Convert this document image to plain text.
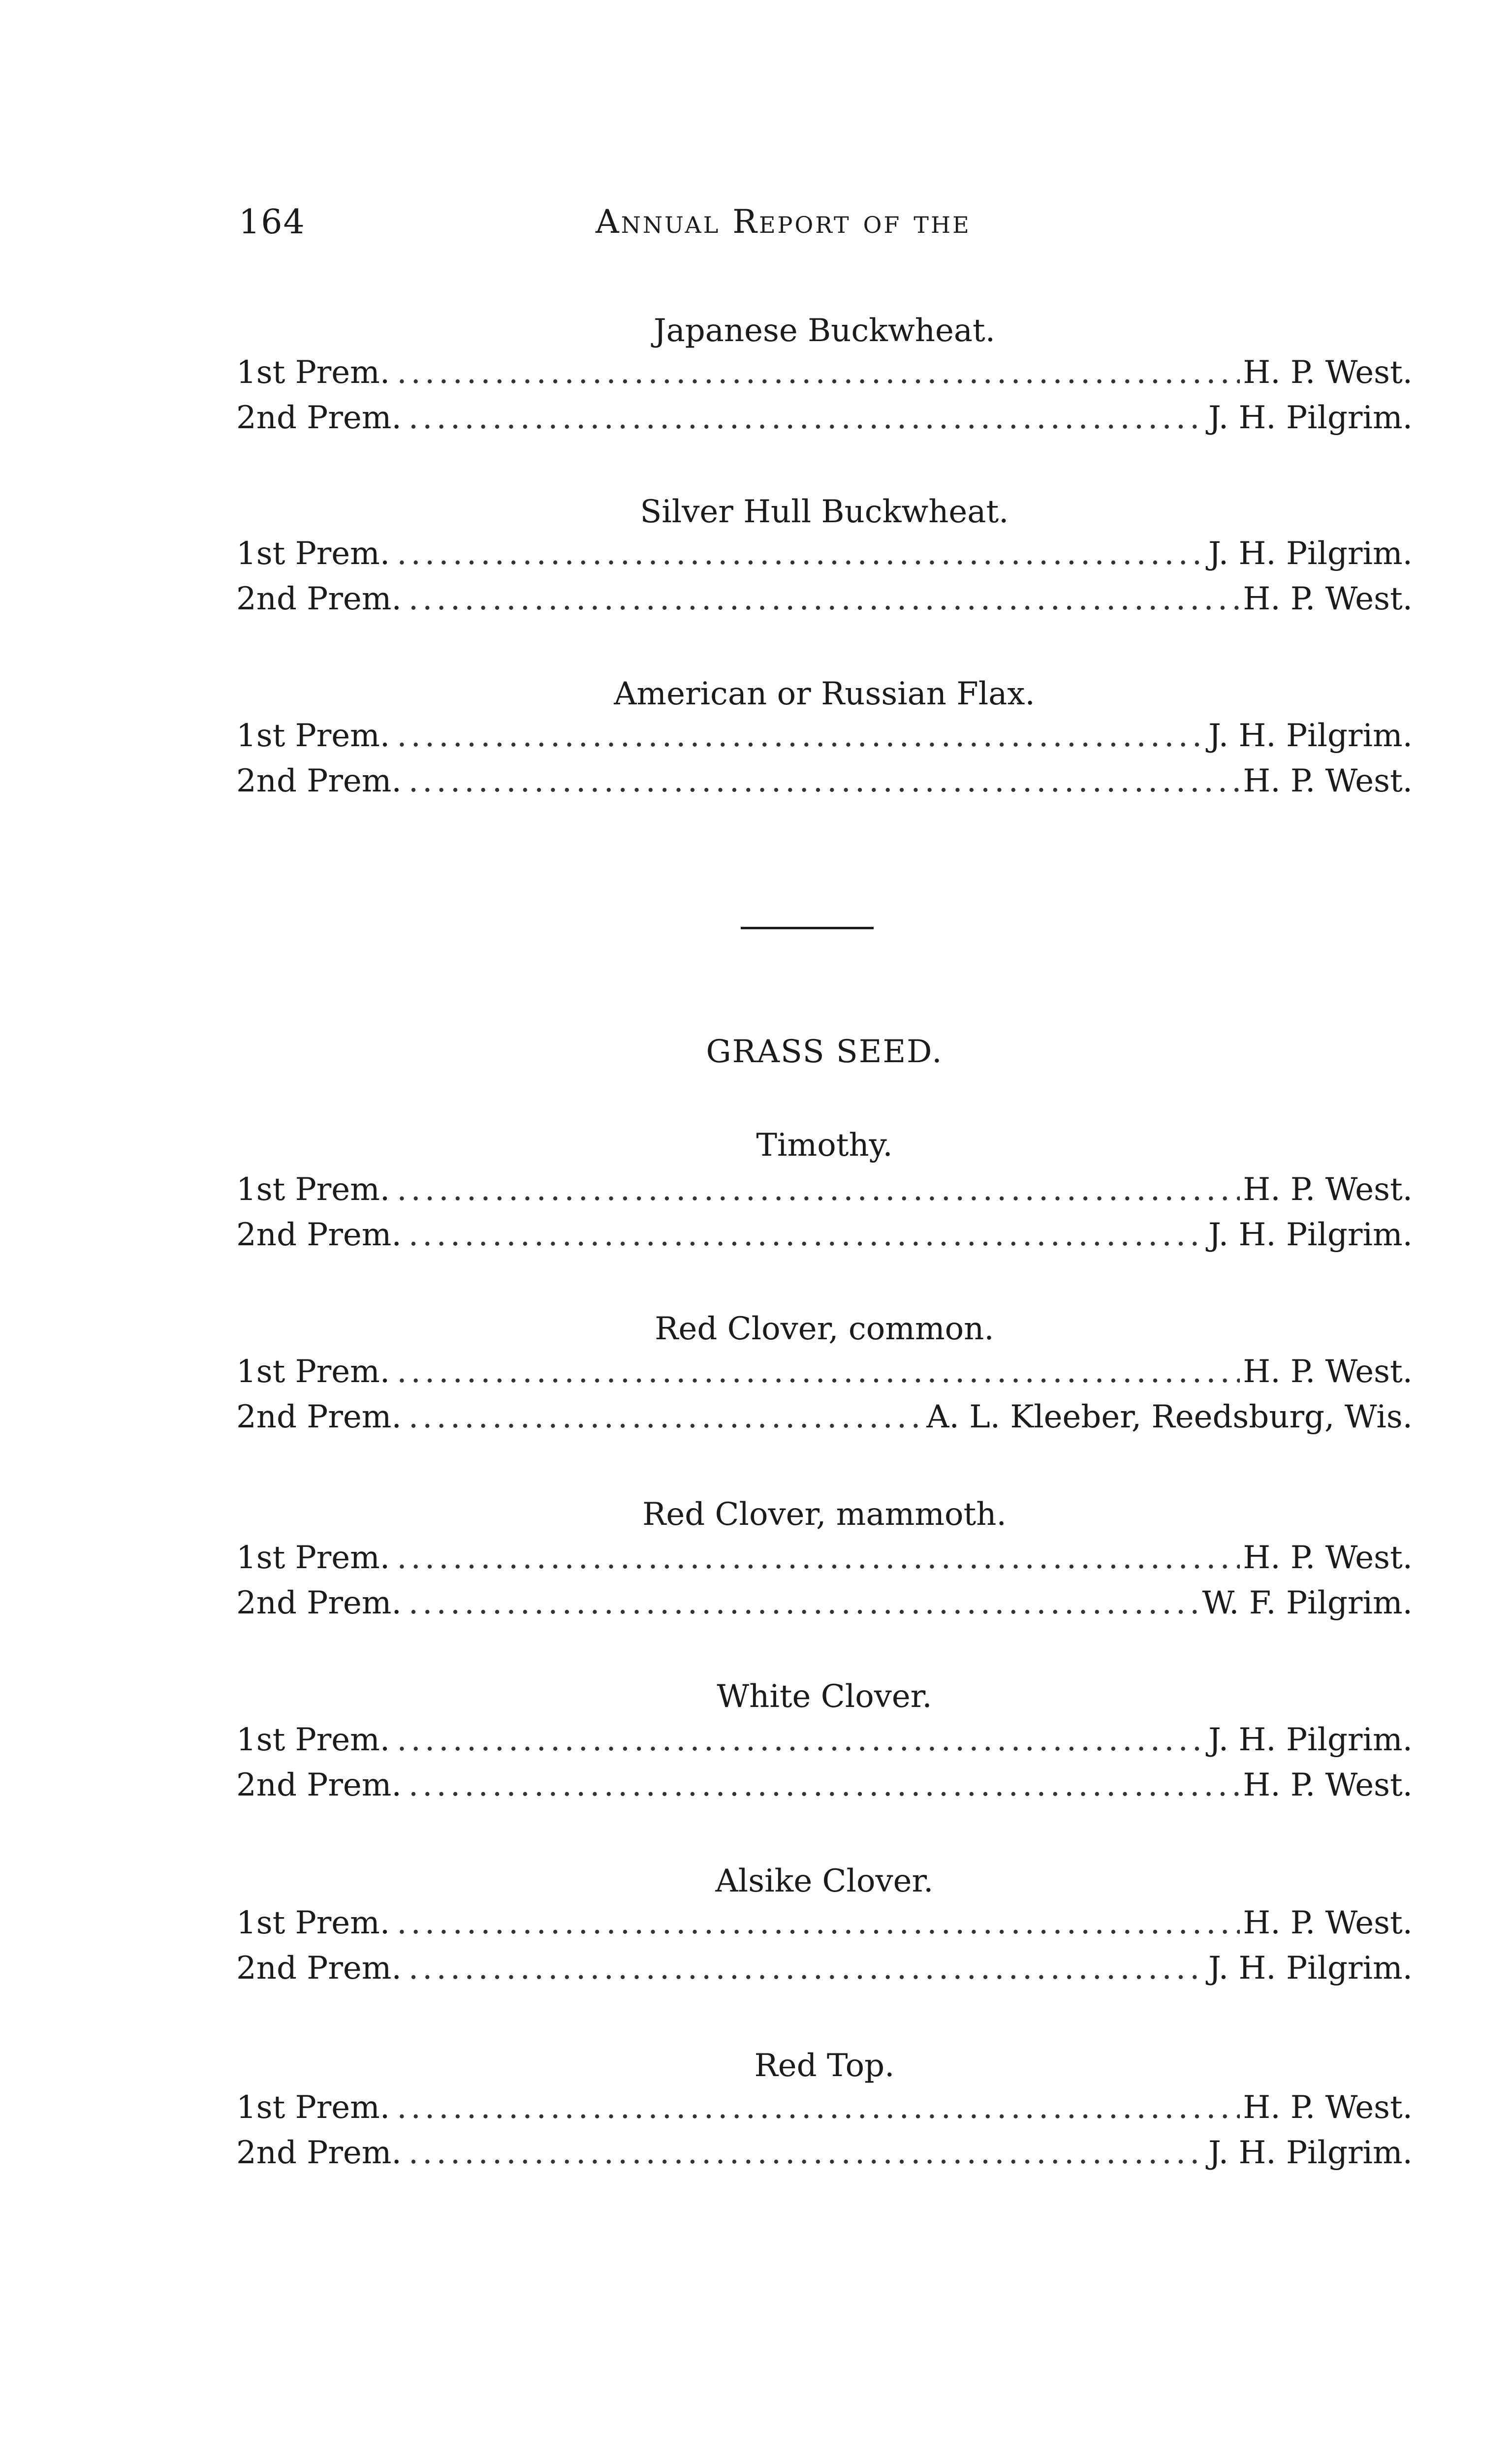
164	Annual Report of the
Japanese Buckwheat.
1st Prem. .....	H. P. West.
2nd Prem. .....	J. H. Pilgrim.
Silver Hull Buckwheat.
1st Prem. .....	J. H. Pilgrim.
2nd Prem. .....	H. P. West.
American or Russian Flax.
1st Prem. .....	J. H. Pilgrim.
2nd Prem. .....	H. P. West.
GRASS SEED.
Timothy.
1st Prem. .....	H. P. West.
2nd Prem. .....	J. H. Pilgrim.
Red Clover, common.
1st Prem. .....	H. P. West.
2nd Prem. .....	A. L. Kleeber, Reedsburg, Wis.
Red Clover, mammoth.
1st Prem. .....	H. P. West.
2nd Prem. .....	W. F. Pilgrim.
White Clover.
1st Prem. .....	J. H. Pilgrim.
2nd Prem. .....	H. P. West.
Alsike Clover.
1st Prem. .....	H. P. West.
2nd Prem. .....	J. H. Pilgrim.
Red Top.
1st Prem. .....	H. P. West.
2nd Prem. .....	J. H. Pilgrim.
